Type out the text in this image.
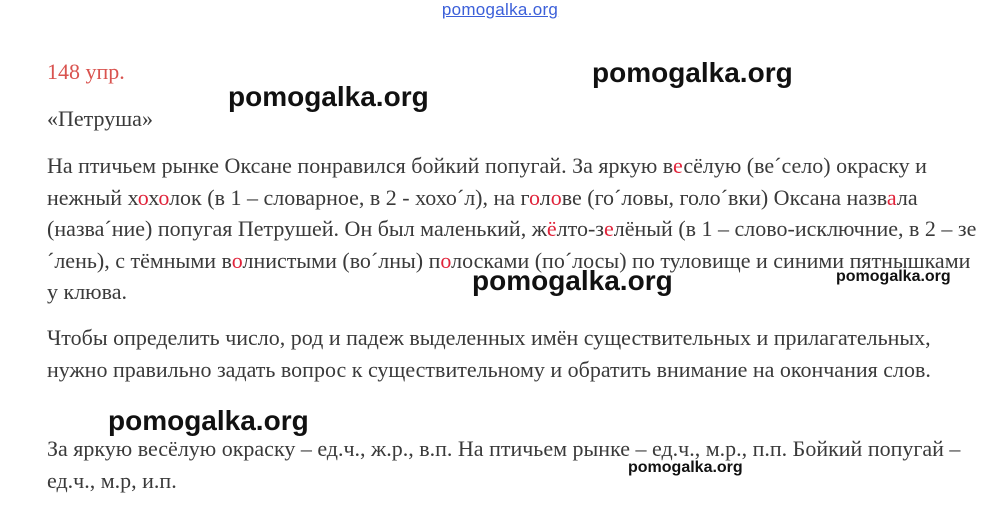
pomogalka.org
148 упр.
«Петруша»

На птичьем рынке Оксане понравился бойкий попугай. За яркую весёлую (ве´село) окраску и нежный хохолок (в 1 – словарное, в 2 - хохо´л), на голове (го´ловы, голо´вки) Оксана назвала (назва´ние) попугая Петрушей. Он был маленький, жёлто-зелёный (в 1 – слово-исключние, в 2 – зе´лень), с тёмными волнистыми (во´лны) полосками (по´лосы) по туловище и синими пятнышками у клюва.

Чтобы определить число, род и падеж выделенных имён существительных и прилагательных, нужно правильно задать вопрос к существительному и обратить внимание на окончания слов.

За яркую весёлую окраску – ед.ч., ж.р., в.п. На птичьем рынке – ед.ч., м.р., п.п. Бойкий попугай – ед.ч., м.р, и.п.

pomogalka.org
pomogalka.org
pomogalka.org
pomogalka.org
pomogalka.org
pomogalka.org
